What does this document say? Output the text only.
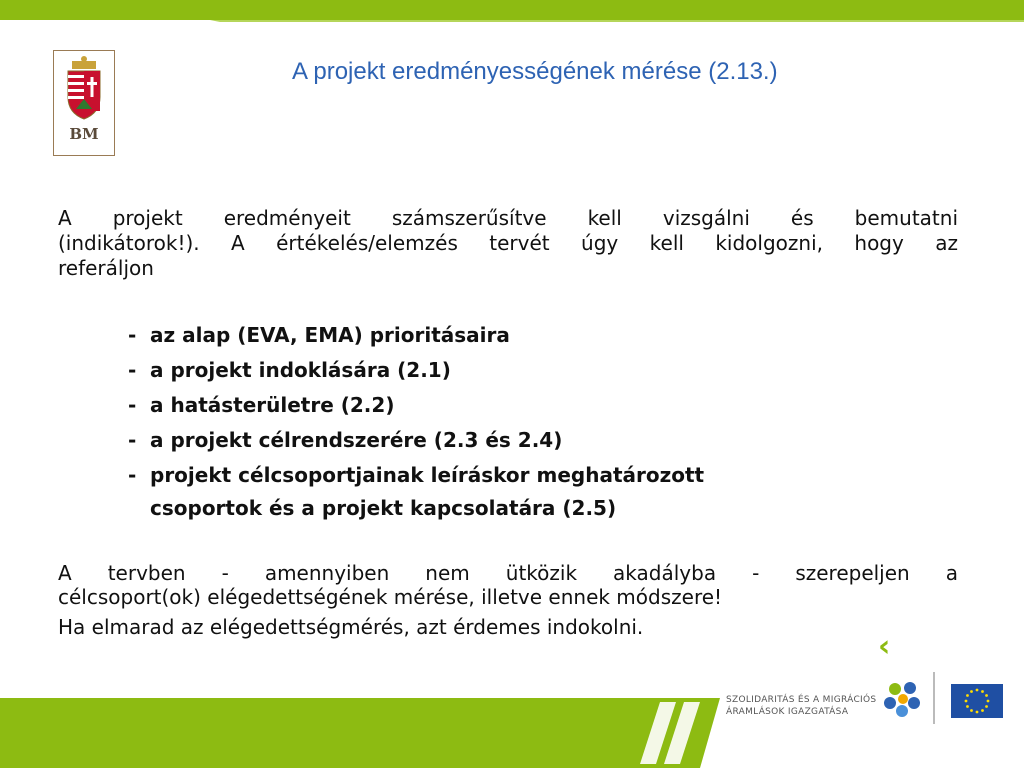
BM
A projekt eredményességének mérése (2.13.)
A projekt eredményeit számszerűsítve kell vizsgálni és bemutatni
(indikátorok!). A értékelés/elemzés tervét úgy kell kidolgozni, hogy az
referáljon
- az alap (EVA, EMA) prioritásaira
- a projekt indoklására (2.1)
- a hatásterületre (2.2)
- a projekt célrendszerére (2.3 és 2.4)
- projekt célcsoportjainak leíráskor meghatározott
csoportok és a projekt kapcsolatára (2.5)
A tervben - amennyiben nem ütközik akadályba - szerepeljen a
célcsoport(ok) elégedettségének mérése, illetve ennek módszere!
Ha elmarad az elégedettségmérés, azt érdemes indokolni.
‹
SZOLIDARITÁS ÉS A MIGRÁCIÓS
ÁRAMLÁSOK IGAZGATÁSA
